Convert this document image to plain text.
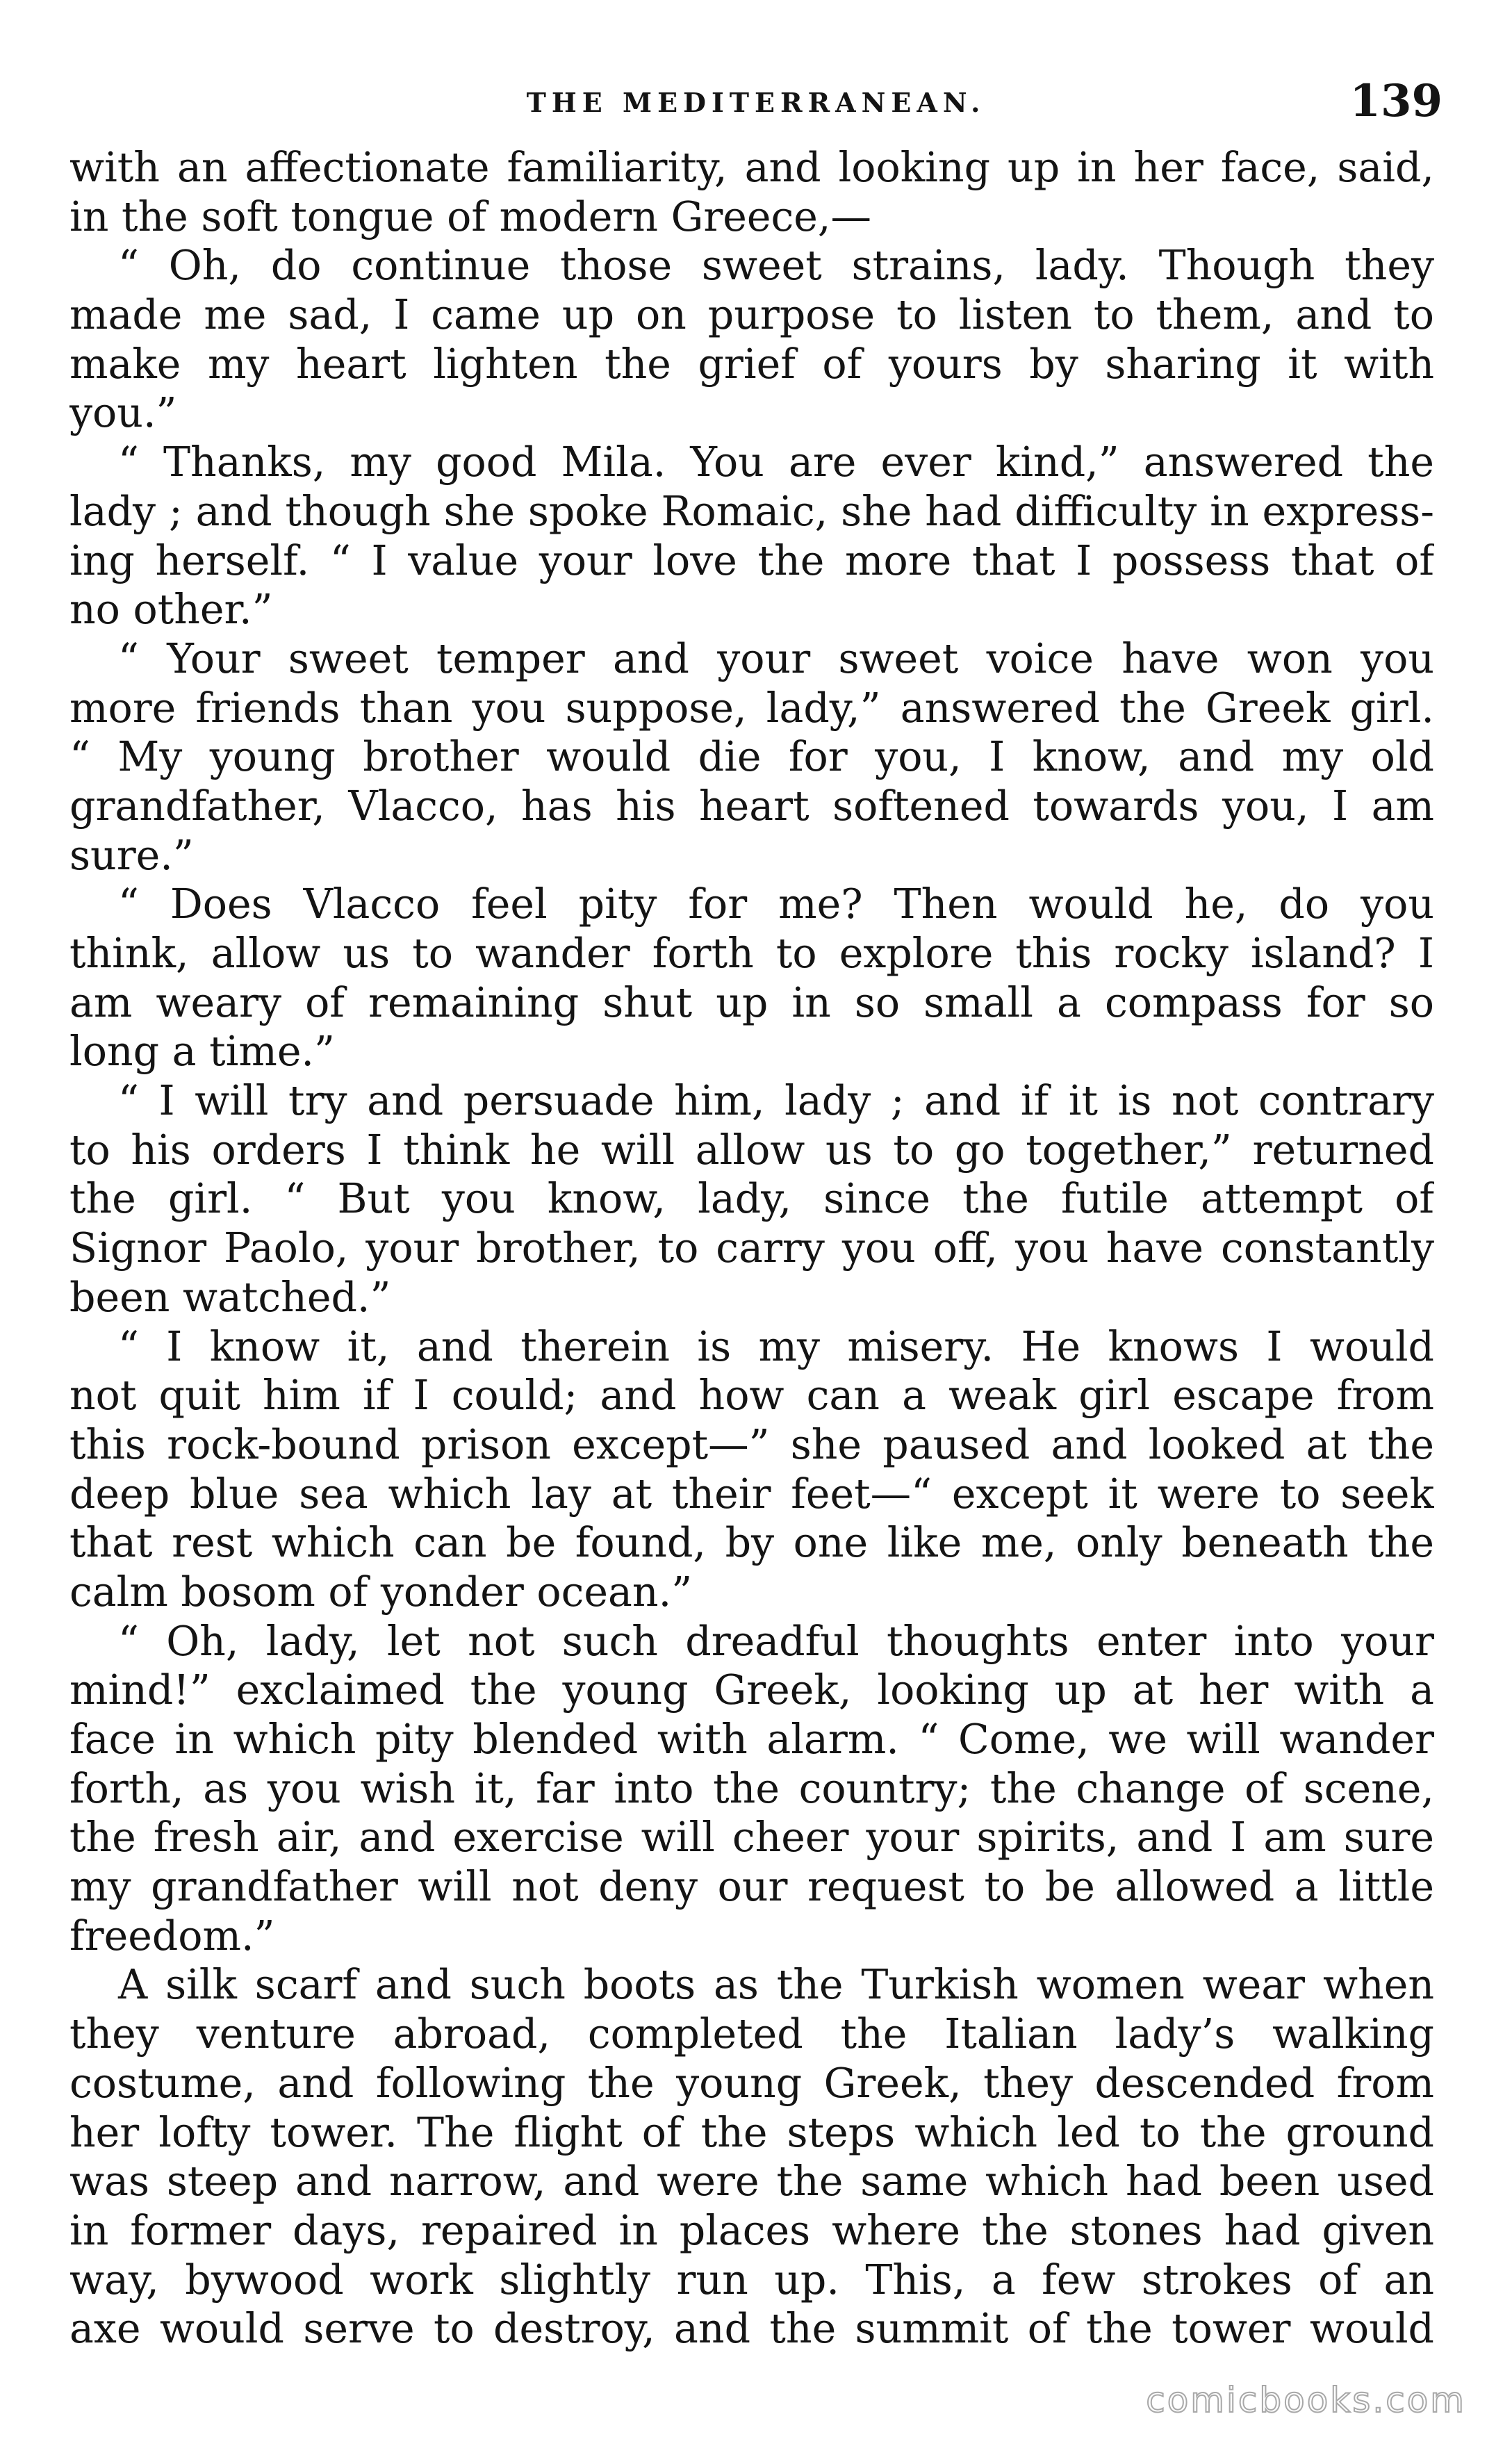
THE MEDITERRANEAN.	139
with an affectionate familiarity, and looking up in her face, said,
in the soft tongue of modern Greece,—
“ Oh, do continue those sweet strains, lady. Though they
made me sad, I came up on purpose to listen to them, and to
make my heart lighten the grief of yours by sharing it with
you.”
“ Thanks, my good Mila. You are ever kind,” answered the
lady ; and though she spoke Romaic, she had difficulty in express-
ing herself. “ I value your love the more that I possess that of
no other.”
“ Your sweet temper and your sweet voice have won you
more friends than you suppose, lady,” answered the Greek girl.
“ My young brother would die for you, I know, and my old
grandfather, Vlacco, has his heart softened towards you, I am
sure.”
“ Does Vlacco feel pity for me? Then would he, do you
think, allow us to wander forth to explore this rocky island? I
am weary of remaining shut up in so small a compass for so
long a time.”
“ I will try and persuade him, lady ; and if it is not contrary
to his orders I think he will allow us to go together,” returned
the girl. “ But you know, lady, since the futile attempt of
Signor Paolo, your brother, to carry you off, you have constantly
been watched.”
“ I know it, and therein is my misery. He knows I would
not quit him if I could; and how can a weak girl escape from
this rock-bound prison except—” she paused and looked at the
deep blue sea which lay at their feet—“ except it were to seek
that rest which can be found, by one like me, only beneath the
calm bosom of yonder ocean.”
“ Oh, lady, let not such dreadful thoughts enter into your
mind!” exclaimed the young Greek, looking up at her with a
face in which pity blended with alarm. “ Come, we will wander
forth, as you wish it, far into the country; the change of scene,
the fresh air, and exercise will cheer your spirits, and I am sure
my grandfather will not deny our request to be allowed a little
freedom.”
A silk scarf and such boots as the Turkish women wear when
they venture abroad, completed the Italian lady’s walking
costume, and following the young Greek, they descended from
her lofty tower. The flight of the steps which led to the ground
was steep and narrow, and were the same which had been used
in former days, repaired in places where the stones had given
way, bywood work slightly run up. This, a few strokes of an
axe would serve to destroy, and the summit of the tower would
comicbooks.com
